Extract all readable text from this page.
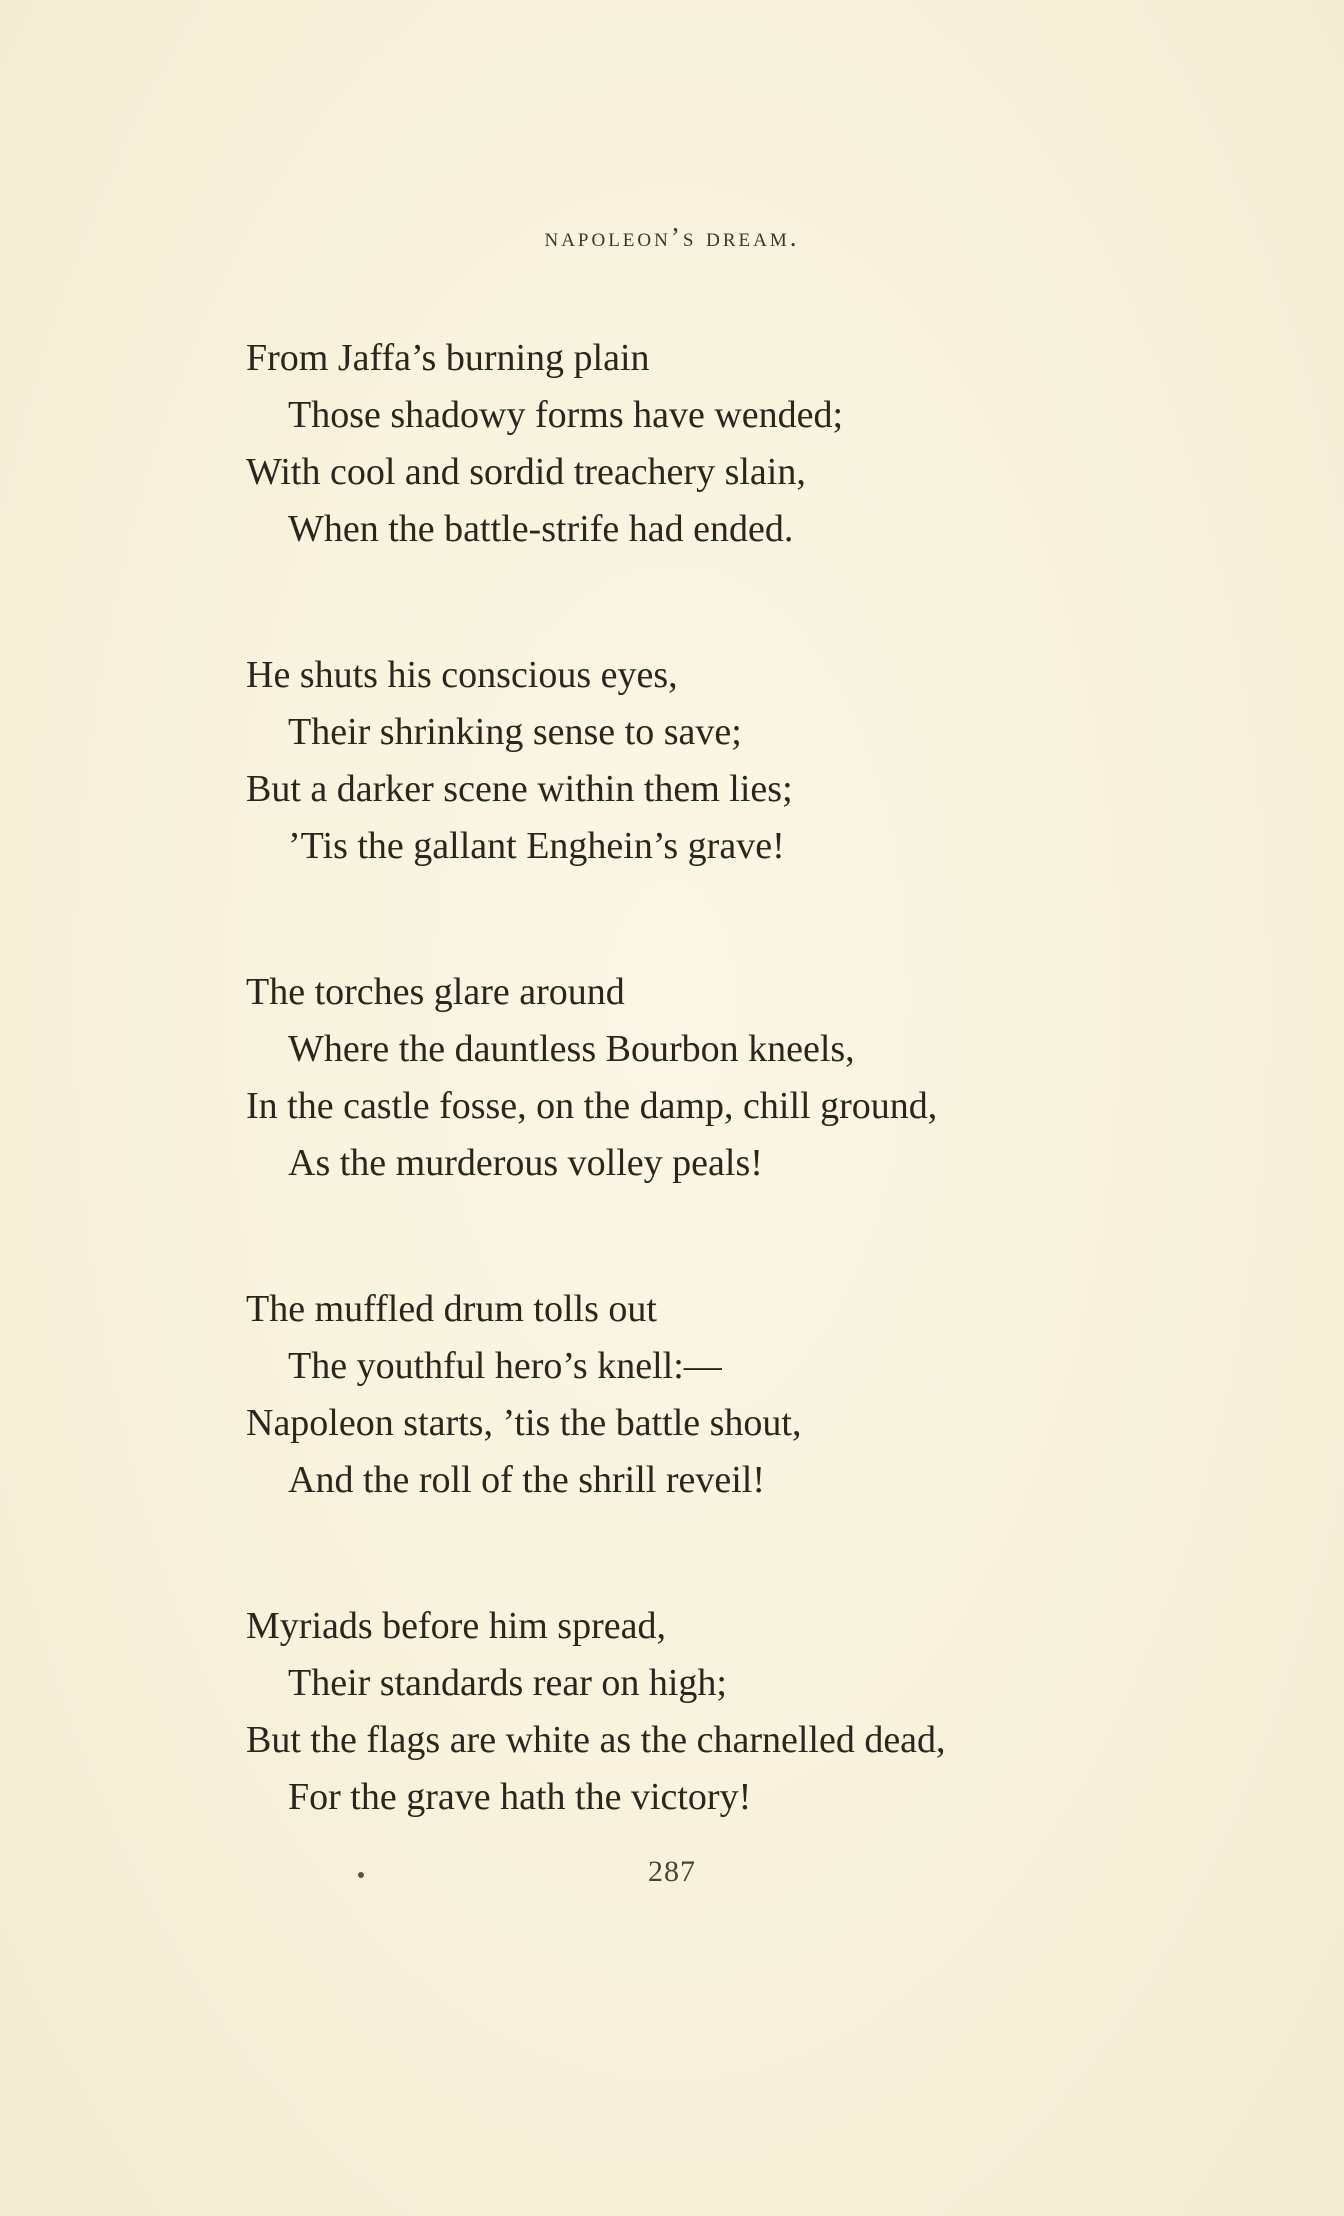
napoleon’s dream.
From Jaffa’s burning plain
Those shadowy forms have wended;
With cool and sordid treachery slain,
When the battle-strife had ended.
He shuts his conscious eyes,
Their shrinking sense to save;
But a darker scene within them lies;
’Tis the gallant Enghein’s grave!
The torches glare around
Where the dauntless Bourbon kneels,
In the castle fosse, on the damp, chill ground,
As the murderous volley peals!
The muffled drum tolls out
The youthful hero’s knell:—
Napoleon starts, ’tis the battle shout,
And the roll of the shrill reveil!
Myriads before him spread,
Their standards rear on high;
But the flags are white as the charnelled dead,
For the grave hath the victory!
287
